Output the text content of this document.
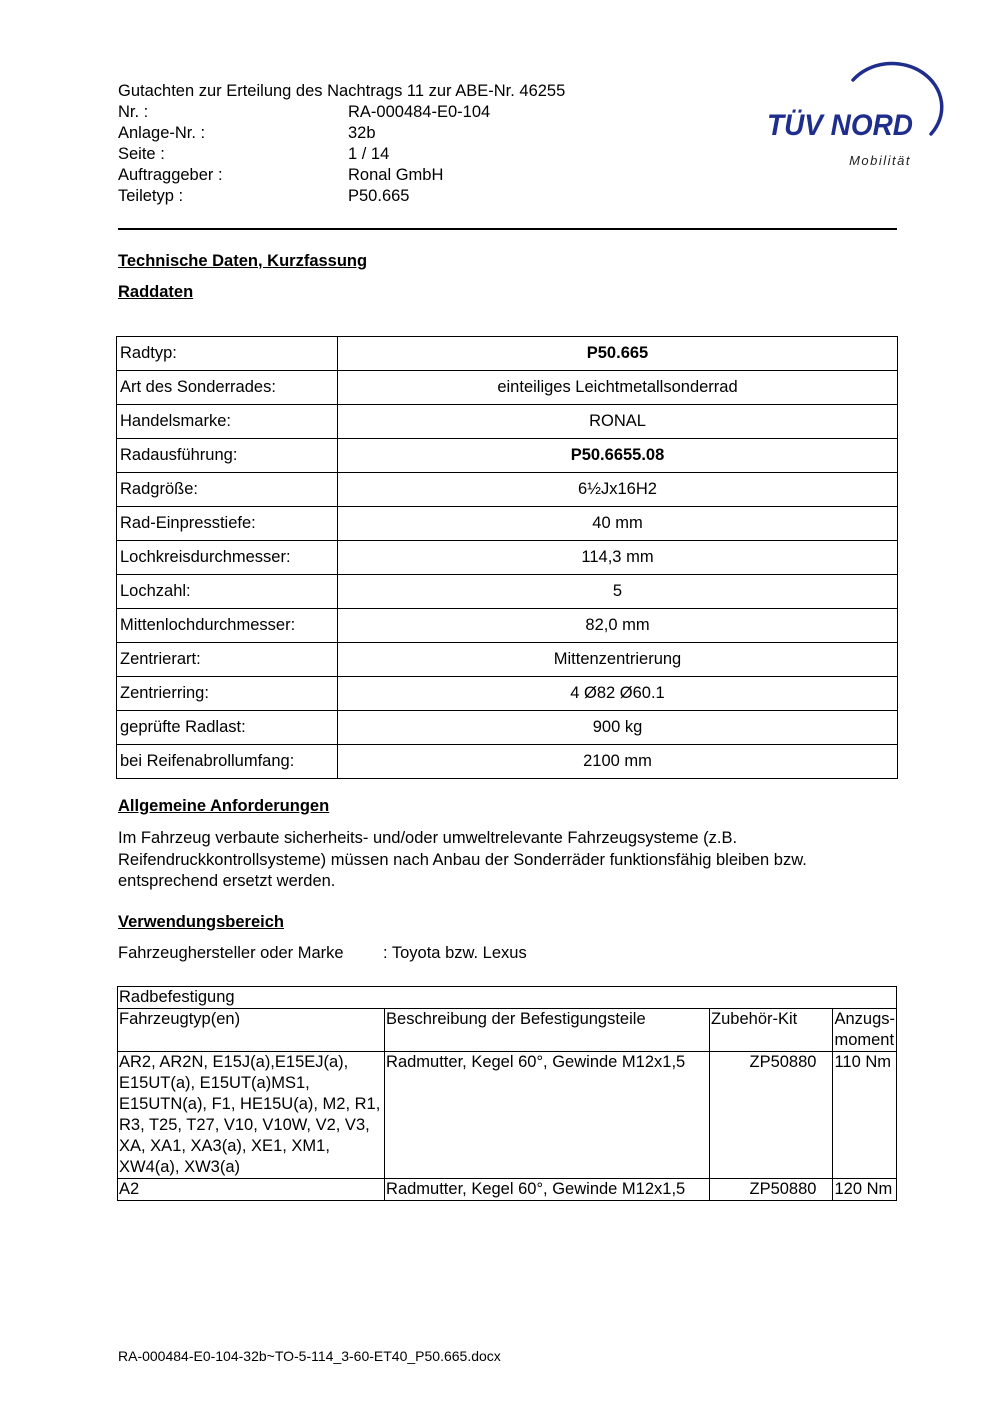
Gutachten zur Erteilung des Nachtrags 11 zur ABE-Nr. 46255
Nr. :	RA-000484-E0-104
Anlage-Nr. :	32b
Seite :	1 / 14
Auftraggeber :	Ronal GmbH
Teiletyp :	P50.665
TÜV NORD
Mobilität
Technische Daten, Kurzfassung
Raddaten
Radtyp:	P50.665
Art des Sonderrades:	einteiliges Leichtmetallsonderrad
Handelsmarke:	RONAL
Radausführung:	P50.6655.08
Radgröße:	6½Jx16H2
Rad-Einpresstiefe:	40 mm
Lochkreisdurchmesser:	114,3 mm
Lochzahl:	5
Mittenlochdurchmesser:	82,0 mm
Zentrierart:	Mittenzentrierung
Zentrierring:	4 Ø82 Ø60.1
geprüfte Radlast:	900 kg
bei Reifenabrollumfang:	2100 mm
Allgemeine Anforderungen
Im Fahrzeug verbaute sicherheits- und/oder umweltrelevante Fahrzeugsysteme (z.B.
Reifendruckkontrollsysteme) müssen nach Anbau der Sonderräder funktionsfähig bleiben bzw.
entsprechend ersetzt werden.
Verwendungsbereich
Fahrzeughersteller oder Marke	: Toyota bzw. Lexus
Radbefestigung			
Fahrzeugtyp(en)	Beschreibung der Befestigungsteile	Zubehör-Kit	Anzugs-
moment
AR2, AR2N, E15J(a),E15EJ(a), E15UT(a), E15UT(a)MS1, E15UTN(a), F1, HE15U(a), M2, R1, R3, T25, T27, V10, V10W, V2, V3, XA, XA1, XA3(a), XE1, XM1, XW4(a), XW3(a)	Radmutter, Kegel 60°, Gewinde M12x1,5	ZP50880	110 Nm
A2	Radmutter, Kegel 60°, Gewinde M12x1,5	ZP50880	120 Nm
RA-000484-E0-104-32b~TO-5-114_3-60-ET40_P50.665.docx
